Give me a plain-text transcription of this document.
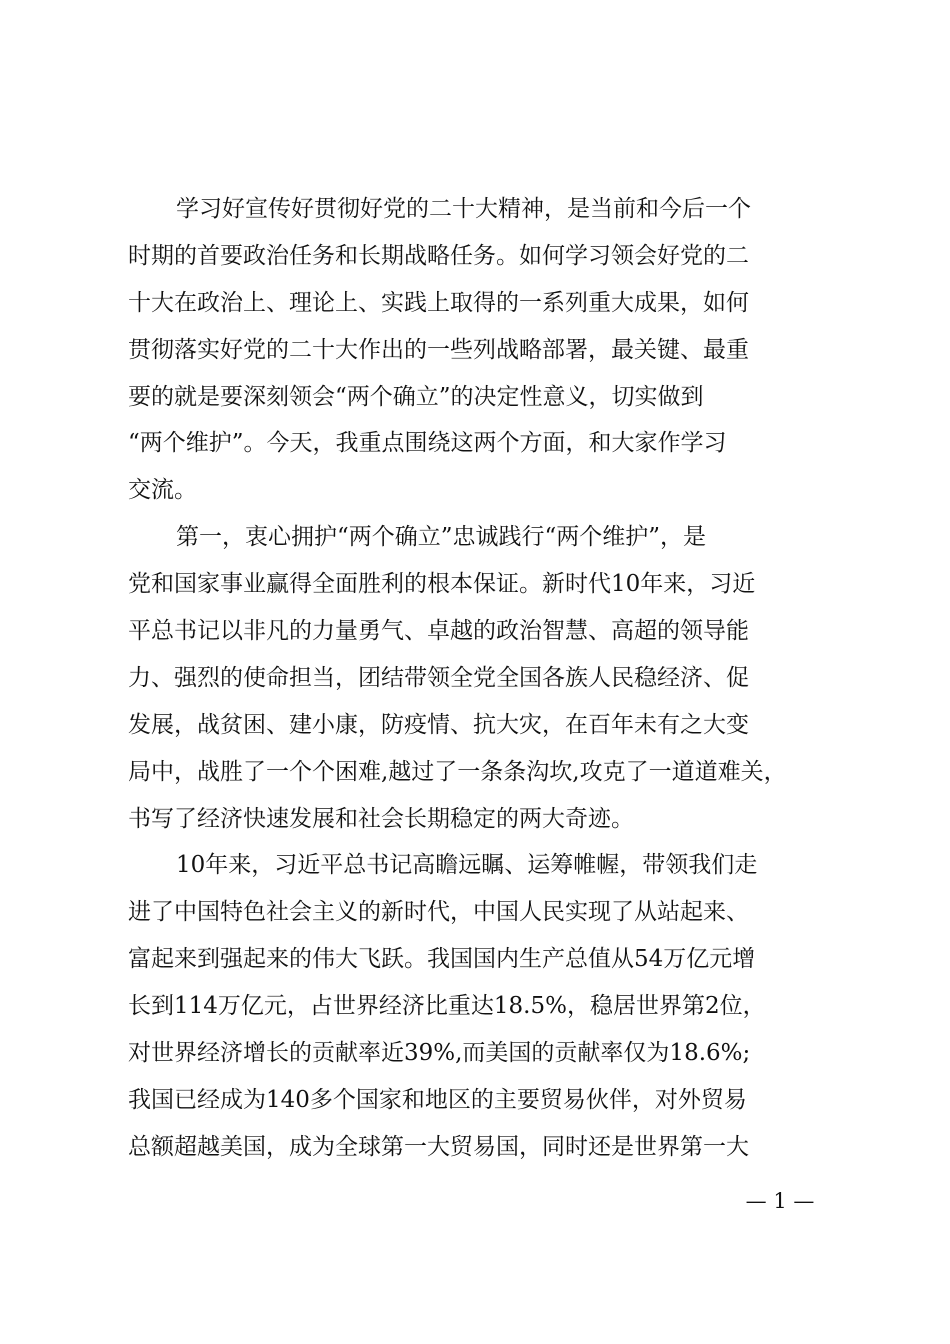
学习好宣传好贯彻好党的二十大精神，是当前和今后一个
时期的首要政治任务和长期战略任务。如何学习领会好党的二
十大在政治上、理论上、实践上取得的一系列重大成果，如何
贯彻落实好党的二十大作出的一些列战略部署，最关键、最重
要的就是要深刻领会“两个确立”的决定性意义，切实做到
“两个维护”。今天，我重点围绕这两个方面，和大家作学习
交流。
第一，衷心拥护“两个确立”忠诚践行“两个维护”，是
党和国家事业赢得全面胜利的根本保证。新时代10年来，习近
平总书记以非凡的力量勇气、卓越的政治智慧、高超的领导能
力、强烈的使命担当，团结带领全党全国各族人民稳经济、促
发展，战贫困、建小康，防疫情、抗大灾，在百年未有之大变
局中，战胜了一个个困难,越过了一条条沟坎,攻克了一道道难关，
书写了经济快速发展和社会长期稳定的两大奇迹。
10年来，习近平总书记高瞻远瞩、运筹帷幄，带领我们走
进了中国特色社会主义的新时代，中国人民实现了从站起来、
富起来到强起来的伟大飞跃。我国国内生产总值从54万亿元增
长到114万亿元，占世界经济比重达18.5%，稳居世界第2位，
对世界经济增长的贡献率近39%,而美国的贡献率仅为18.6%;
我国已经成为140多个国家和地区的主要贸易伙伴，对外贸易
总额超越美国，成为全球第一大贸易国，同时还是世界第一大
— 1 —
